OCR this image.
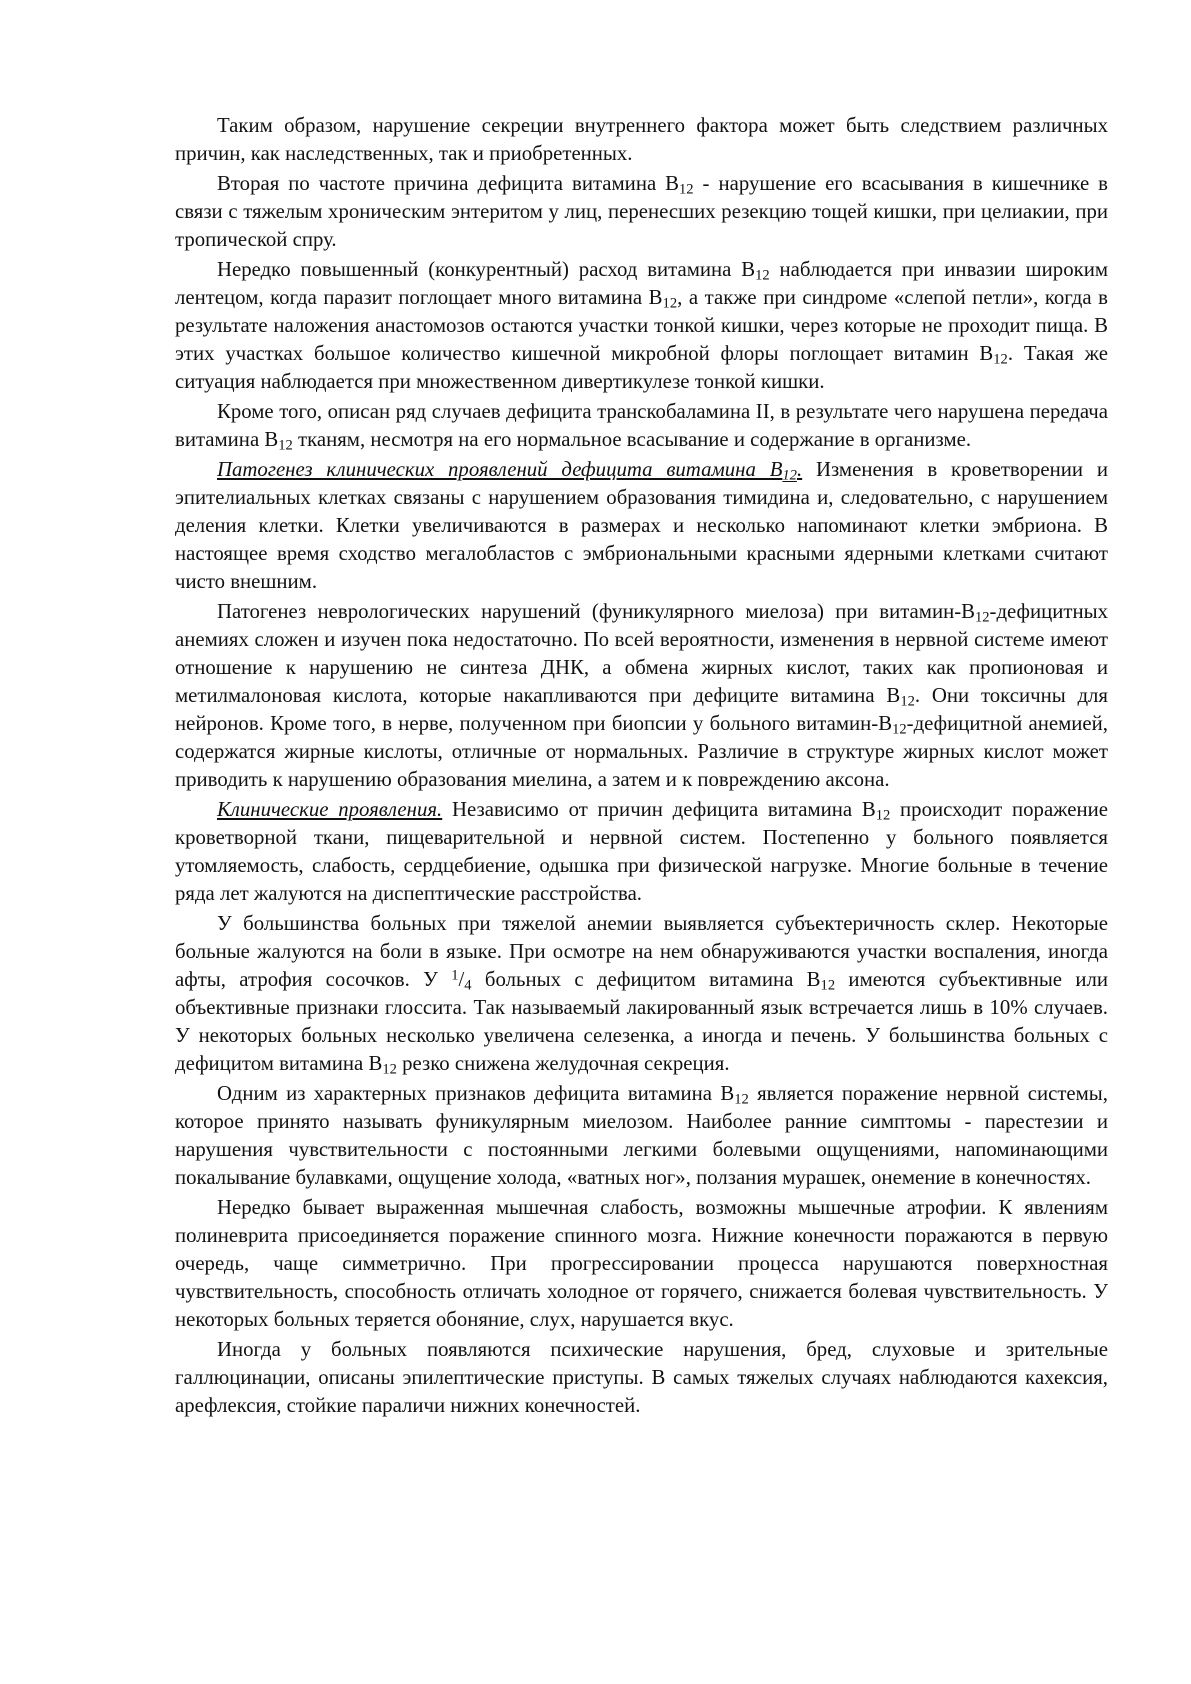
Таким образом, нарушение секреции внутреннего фактора может быть следствием различных причин, как наследственных, так и приобретенных.

Вторая по частоте причина дефицита витамина $B_{12}$ - нарушение его всасывания в кишечнике в связи с тяжелым хроническим энтеритом у лиц, перенесших резекцию тощей кишки, при целиакии, при тропической спру.

Нередко повышенный (конкурентный) расход витамина $B_{12}$ наблюдается при инвазии широким лентецом, когда паразит поглощает много витамина $B_{12}$, а также при синдроме «слепой петли», когда в результате наложения анастомозов остаются участки тонкой кишки, через которые не проходит пища. В этих участках большое количество кишечной микробной флоры поглощает витамин $B_{12}$. Такая же ситуация наблюдается при множественном дивертикулезе тонкой кишки.

Кроме того, описан ряд случаев дефицита транскобаламина II, в результате чего нарушена передача витамина $B_{12}$ тканям, несмотря на его нормальное всасывание и содержание в организме.

Патогенез клинических проявлений дефицита витамина $B_{12}$. Изменения в кроветворении и эпителиальных клетках связаны с нарушением образования тимидина и, следовательно, с нарушением деления клетки. Клетки увеличиваются в размерах и несколько напоминают клетки эмбриона. В настоящее время сходство мегалобластов с эмбриональными красными ядерными клетками считают чисто внешним.

Патогенез неврологических нарушений (фуникулярного миелоза) при витамин-$B_{12}$-дефицитных анемиях сложен и изучен пока недостаточно. По всей вероятности, изменения в нервной системе имеют отношение к нарушению не синтеза ДНК, а обмена жирных кислот, таких как пропионовая и метилмалоновая кислота, которые накапливаются при дефиците витамина $B_{12}$. Они токсичны для нейронов. Кроме того, в нерве, полученном при биопсии у больного витамин-$B_{12}$-дефицитной анемией, содержатся жирные кислоты, отличные от нормальных. Различие в структуре жирных кислот может приводить к нарушению образования миелина, а затем и к повреждению аксона.

Клинические проявления. Независимо от причин дефицита витамина $B_{12}$ происходит поражение кроветворной ткани, пищеварительной и нервной систем. Постепенно у больного появляется утомляемость, слабость, сердцебиение, одышка при физической нагрузке. Многие больные в течение ряда лет жалуются на диспептические расстройства.

У большинства больных при тяжелой анемии выявляется субъектеричность склер. Некоторые больные жалуются на боли в языке. При осмотре на нем обнаруживаются участки воспаления, иногда афты, атрофия сосочков. У $^1/_4$ больных с дефицитом витамина $B_{12}$ имеются субъективные или объективные признаки глоссита. Так называемый лакированный язык встречается лишь в 10% случаев. У некоторых больных несколько увеличена селезенка, а иногда и печень. У большинства больных с дефицитом витамина $B_{12}$ резко снижена желудочная секреция.

Одним из характерных признаков дефицита витамина $B_{12}$ является поражение нервной системы, которое принято называть фуникулярным миелозом. Наиболее ранние симптомы - парестезии и нарушения чувствительности с постоянными легкими болевыми ощущениями, напоминающими покалывание булавками, ощущение холода, «ватных ног», ползания мурашек, онемение в конечностях.

Нередко бывает выраженная мышечная слабость, возможны мышечные атрофии. К явлениям полиневрита присоединяется поражение спинного мозга. Нижние конечности поражаются в первую очередь, чаще симметрично. При прогрессировании процесса нарушаются поверхностная чувствительность, способность отличать холодное от горячего, снижается болевая чувствительность. У некоторых больных теряется обоняние, слух, нарушается вкус.

Иногда у больных появляются психические нарушения, бред, слуховые и зрительные галлюцинации, описаны эпилептические приступы. В самых тяжелых случаях наблюдаются кахексия, арефлексия, стойкие параличи нижних конечностей.
